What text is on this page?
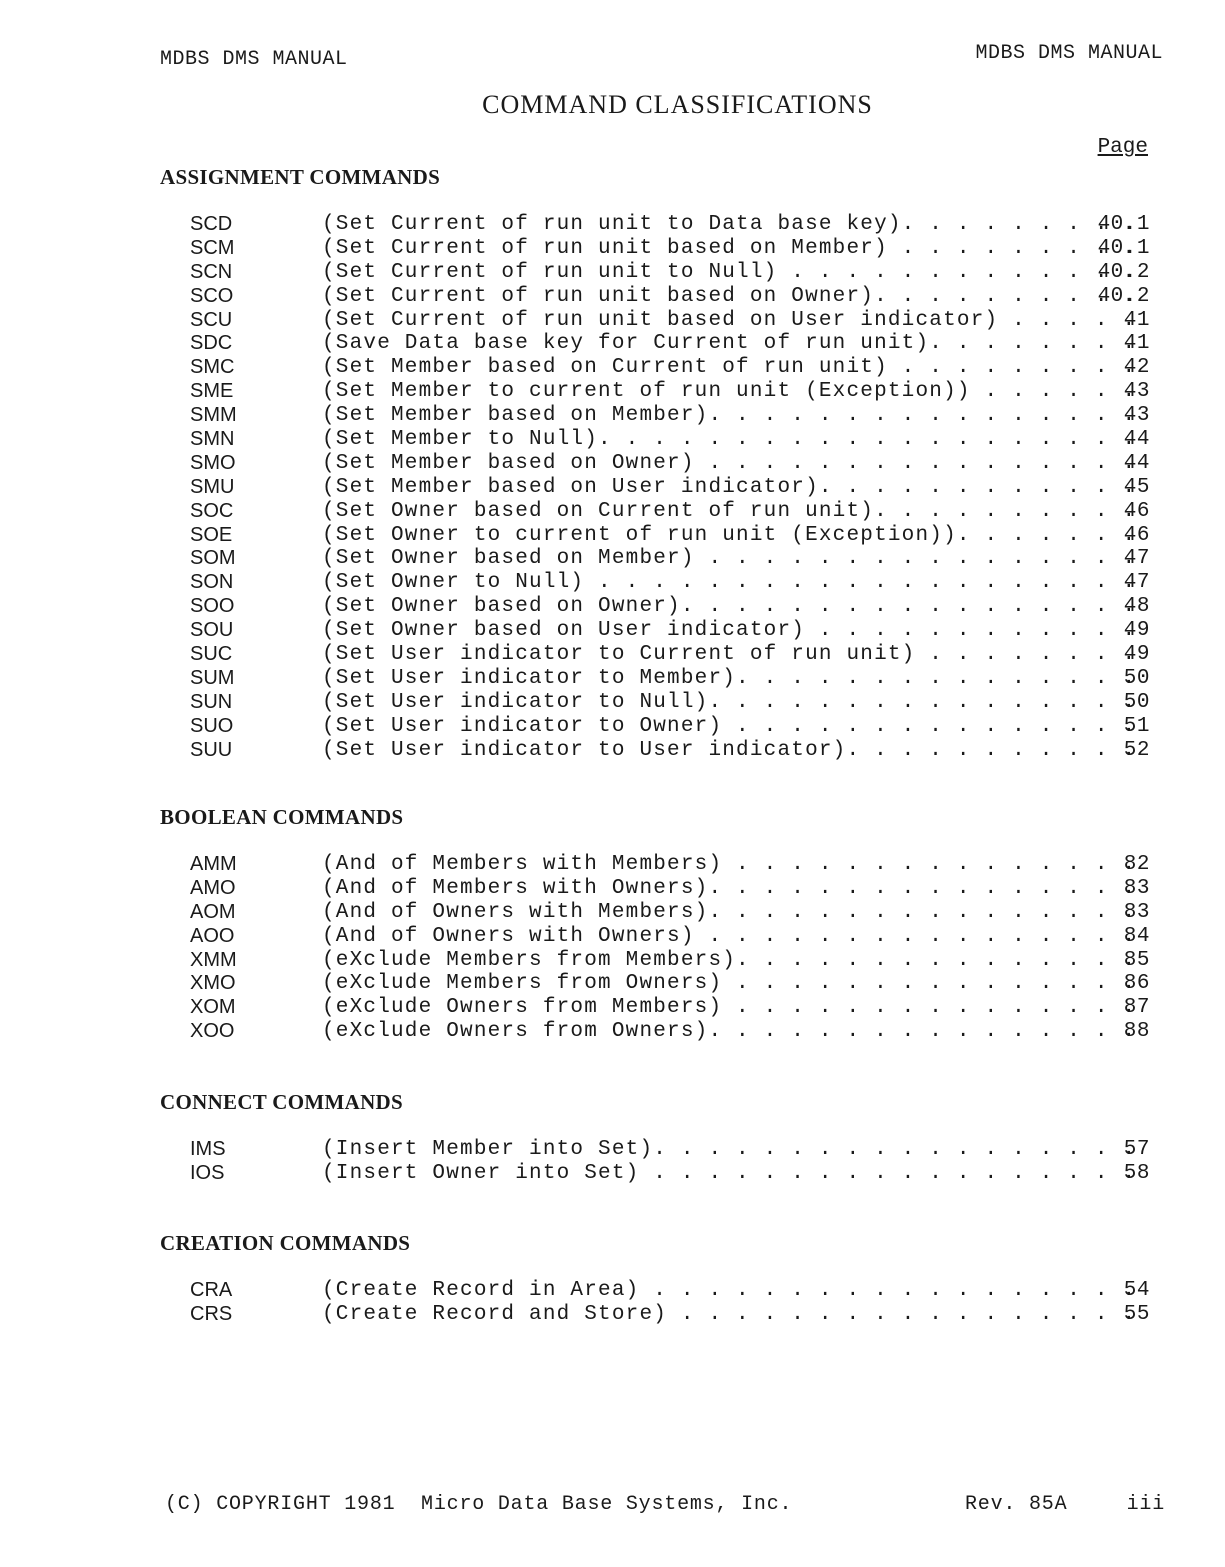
MDBS DMS MANUAL	MDBS DMS MANUAL
COMMAND CLASSIFICATIONS
Page
ASSIGNMENT COMMANDS
SCD	(Set Current of run unit to Data base key) . . .	40.1
SCM	(Set Current of run unit based on Member) . . .	40.1
SCN	(Set Current of run unit to Null) . . .	40.2
SCO	(Set Current of run unit based on Owner) . . .	40.2
SCU	(Set Current of run unit based on User indicator) . . .	41
SDC	(Save Data base key for Current of run unit) . . .	41
SMC	(Set Member based on Current of run unit) . . .	42
SME	(Set Member to current of run unit (Exception)) . . .	43
SMM	(Set Member based on Member) . . .	43
SMN	(Set Member to Null) . . .	44
SMO	(Set Member based on Owner) . . .	44
SMU	(Set Member based on User indicator) . . .	45
SOC	(Set Owner based on Current of run unit) . . .	46
SOE	(Set Owner to current of run unit (Exception)) . . .	46
SOM	(Set Owner based on Member) . . .	47
SON	(Set Owner to Null) . . .	47
SOO	(Set Owner based on Owner) . . .	48
SOU	(Set Owner based on User indicator) . . .	49
SUC	(Set User indicator to Current of run unit) . . .	49
SUM	(Set User indicator to Member) . . .	50
SUN	(Set User indicator to Null) . . .	50
SUO	(Set User indicator to Owner) . . .	51
SUU	(Set User indicator to User indicator) . . .	52
BOOLEAN COMMANDS
AMM	(And of Members with Members) . . .	82
AMO	(And of Members with Owners) . . .	83
AOM	(And of Owners with Members) . . .	83
AOO	(And of Owners with Owners) . . .	84
XMM	(eXclude Members from Members) . . .	85
XMO	(eXclude Members from Owners) . . .	86
XOM	(eXclude Owners from Members) . . .	87
XOO	(eXclude Owners from Owners) . . .	88
CONNECT COMMANDS
IMS	(Insert Member into Set) . . .	57
IOS	(Insert Owner into Set) . . .	58
CREATION COMMANDS
CRA	(Create Record in Area) . . .	54
CRS	(Create Record and Store) . . .	55
(C) COPYRIGHT 1981  Micro Data Base Systems, Inc.	Rev. 85A	iii
